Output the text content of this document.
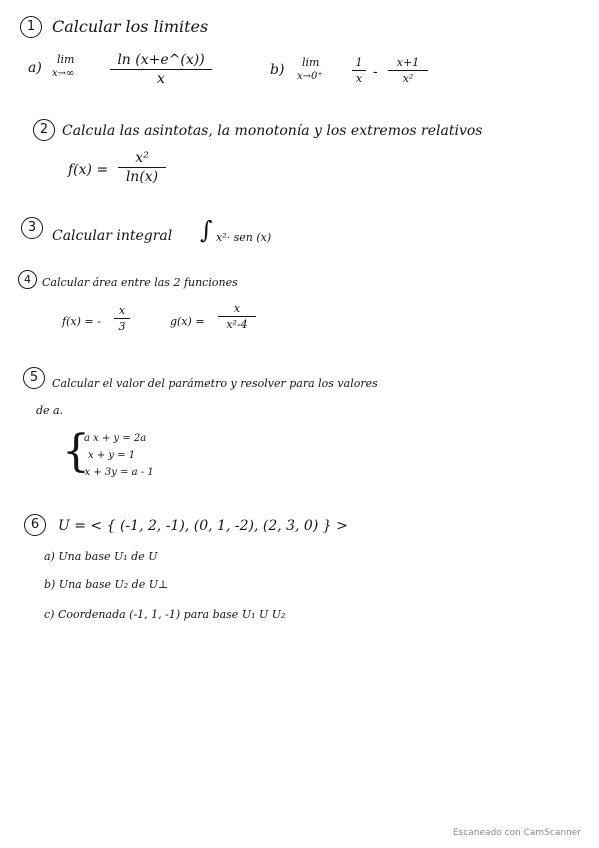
1	Calcular los limites
a)
lim
x→∞
ln (x+e^(x))
x
b) lim
x→0⁺
1
x -
x+1
x²
2 Calcula las asintotas, la monotonía y los extremos relativos
f(x) =
x²
ln(x)
3
Calcular integral ∫ x²· sen (x)
4	Calcular área entre las 2 funciones
f(x) = -
x
3	g(x) =
x
x²-4
5	Calcular el valor del parámetro y resolver para los valores
de a.
{
a x + y = 2a
x + y = 1
- x + 3y = a - 1
6	U = < { (-1, 2, -1), (0, 1, -2), (2, 3, 0) } >
a) Una base U₁ de U
b) Una base U₂ de U⊥
c) Coordenada (-1, 1, -1) para base U₁ U U₂
Escaneado con CamScanner
